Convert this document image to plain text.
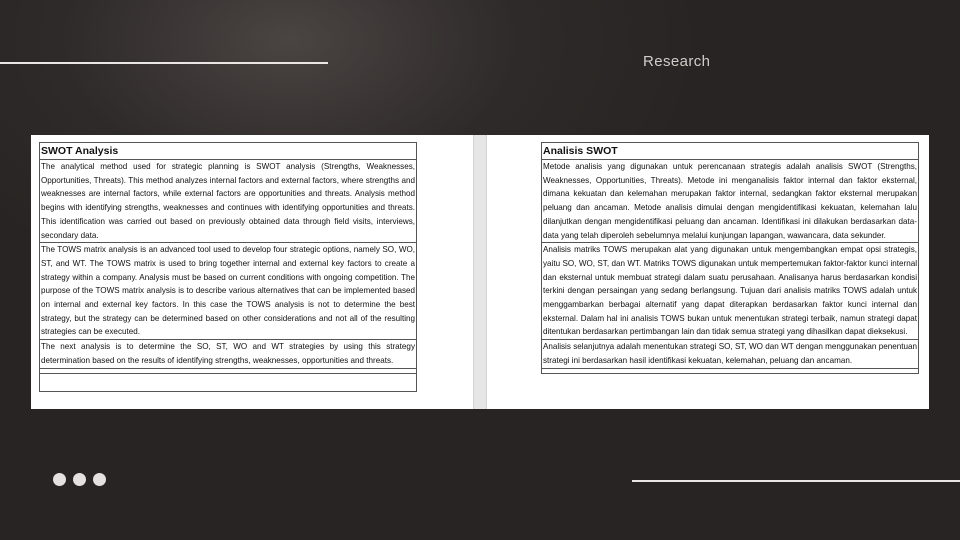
Research
SWOT Analysis
The analytical method used for strategic planning is SWOT analysis (Strengths, Weaknesses, Opportunities, Threats). This method analyzes internal factors and external factors, where strengths and weaknesses are internal factors, while external factors are opportunities and threats. Analysis method begins with identifying strengths, weaknesses and continues with identifying opportunities and threats. This identification was carried out based on previously obtained data through field visits, interviews, secondary data.
The TOWS matrix analysis is an advanced tool used to develop four strategic options, namely SO, WO, ST, and WT. The TOWS matrix is used to bring together internal and external key factors to create a strategy within a company. Analysis must be based on current conditions with ongoing competition. The purpose of the TOWS matrix analysis is to describe various alternatives that can be implemented based on internal and external key factors. In this case the TOWS analysis is not to determine the best strategy, but the strategy can be determined based on other considerations and not all of the resulting strategies can be executed.
The next analysis is to determine the SO, ST, WO and WT strategies by using this strategy determination based on the results of identifying strengths, weaknesses, opportunities and threats.
Analisis SWOT
Metode analisis yang digunakan untuk perencanaan strategis adalah analisis SWOT (Strengths, Weaknesses, Opportunities, Threats). Metode ini menganalisis faktor internal dan faktor eksternal, dimana kekuatan dan kelemahan merupakan faktor internal, sedangkan faktor eksternal merupakan peluang dan ancaman. Metode analisis dimulai dengan mengidentifikasi kekuatan, kelemahan lalu dilanjutkan dengan mengidentifikasi peluang dan ancaman. Identifikasi ini dilakukan berdasarkan data-data yang telah diperoleh sebelumnya melalui kunjungan lapangan, wawancara, data sekunder.
Analisis matriks TOWS merupakan alat yang digunakan untuk mengembangkan empat opsi strategis, yaitu SO, WO, ST, dan WT. Matriks TOWS digunakan untuk mempertemukan faktor-faktor kunci internal dan eksternal untuk membuat strategi dalam suatu perusahaan. Analisanya harus berdasarkan kondisi terkini dengan persaingan yang sedang berlangsung. Tujuan dari analisis matriks TOWS adalah untuk menggambarkan berbagai alternatif yang dapat diterapkan berdasarkan faktor kunci internal dan eksternal. Dalam hal ini analisis TOWS bukan untuk menentukan strategi terbaik, namun strategi dapat ditentukan berdasarkan pertimbangan lain dan tidak semua strategi yang dihasilkan dapat dieksekusi.
Analisis selanjutnya adalah menentukan strategi SO, ST, WO dan WT dengan menggunakan penentuan strategi ini berdasarkan hasil identifikasi kekuatan, kelemahan, peluang dan ancaman.
